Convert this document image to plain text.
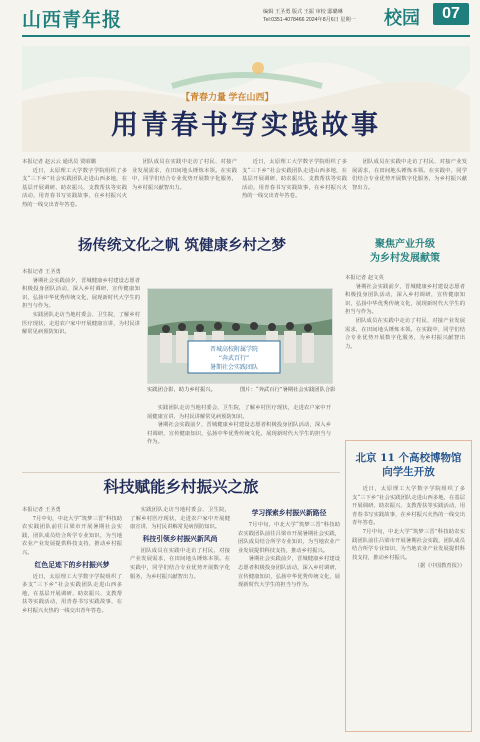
山西青年报	编辑 王圣勇 版式 王振 审校 邸璐琳
Tel:0351-4078466 2024年8月6日 星期一 校园	07
【青春力量 学在山西】
用青春书写实践故事
本报记者 赵云云 通讯员 贾昭璐

近日，太原理工大学数字学院组织了多支“三下乡”社会实践团队走进山西多地，在基层开展调研、助农振兴、支教帮扶等实践活动，用青春书写实践故事，在乡村振兴火热的一线交出青年答卷。

团队成员在实践中走访了村民、对接产业发展需求，在田间地头锤炼本领。在实践中，同学们结合专业优势开展数字化服务，为乡村振兴献智出力。

近日，太原理工大学数字学院组织了多支“三下乡”社会实践团队走进山西多地，在基层开展调研、助农振兴、支教帮扶等实践活动，用青春书写实践故事，在乡村振兴火热的一线交出青年答卷。

团队成员在实践中走访了村民、对接产业发展需求，在田间地头锤炼本领。在实践中，同学们结合专业优势开展数字化服务，为乡村振兴献智出力。

扬传统文化之帆 筑健康乡村之梦
本报记者 王圣勇

暑期社会实践前夕，晋城健康乡村建设志愿者积极投身团队活动，深入乡村调研，宣传健康知识，弘扬中华优秀传统文化，展现新时代大学生的担当与作为。

实践团队走访当地村委会、卫生院，了解乡村医疗现状，走进农户家中开展健康宣讲，为村民讲解常见病预防知识。

晋城高校附属学院
“奔武百行”
暑期社会实践团队
实践团合影，助力乡村振兴。	图片：“奔武百行”暑期社会实践团队合影

实践团队走访当地村委会、卫生院，了解乡村医疗现状，走进农户家中开展健康宣讲，为村民讲解常见病预防知识。

暑期社会实践前夕，晋城健康乡村建设志愿者积极投身团队活动，深入乡村调研，宣传健康知识，弘扬中华优秀传统文化，展现新时代大学生的担当与作为。

聚焦产业升级
为乡村发展献策
本报记者 赵文英

暑期社会实践前夕，晋城健康乡村建设志愿者积极投身团队活动，深入乡村调研，宣传健康知识，弘扬中华优秀传统文化，展现新时代大学生的担当与作为。

团队成员在实践中走访了村民、对接产业发展需求，在田间地头锤炼本领。在实践中，同学们结合专业优势开展数字化服务，为乡村振兴献智出力。

科技赋能乡村振兴之旅
本报记者 王圣勇

7月中旬，中北大学“筑梦三晋”科技助农实践团队前往吕梁市开展暑期社会实践，团队成员结合所学专业知识，为当地农业产业发展提供科技支持，推动乡村振兴。

红色足迹下的乡村振兴梦

近日，太原理工大学数字学院组织了多支“三下乡”社会实践团队走进山西多地，在基层开展调研、助农振兴、支教帮扶等实践活动，用青春书写实践故事，在乡村振兴火热的一线交出青年答卷。

实践团队走访当地村委会、卫生院，了解乡村医疗现状，走进农户家中开展健康宣讲，为村民讲解常见病预防知识。

科技引领乡村振兴新风尚

团队成员在实践中走访了村民、对接产业发展需求，在田间地头锤炼本领。在实践中，同学们结合专业优势开展数字化服务，为乡村振兴献智出力。

学习探索乡村振兴新路径

7月中旬，中北大学“筑梦三晋”科技助农实践团队前往吕梁市开展暑期社会实践，团队成员结合所学专业知识，为当地农业产业发展提供科技支持，推动乡村振兴。

暑期社会实践前夕，晋城健康乡村建设志愿者积极投身团队活动，深入乡村调研，宣传健康知识，弘扬中华优秀传统文化，展现新时代大学生的担当与作为。

北京 11 个高校博物馆
向学生开放

近日，太原理工大学数字学院组织了多支“三下乡”社会实践团队走进山西多地，在基层开展调研、助农振兴、支教帮扶等实践活动，用青春书写实践故事，在乡村振兴火热的一线交出青年答卷。

7月中旬，中北大学“筑梦三晋”科技助农实践团队前往吕梁市开展暑期社会实践，团队成员结合所学专业知识，为当地农业产业发展提供科技支持，推动乡村振兴。

（据《中国教育报》）
